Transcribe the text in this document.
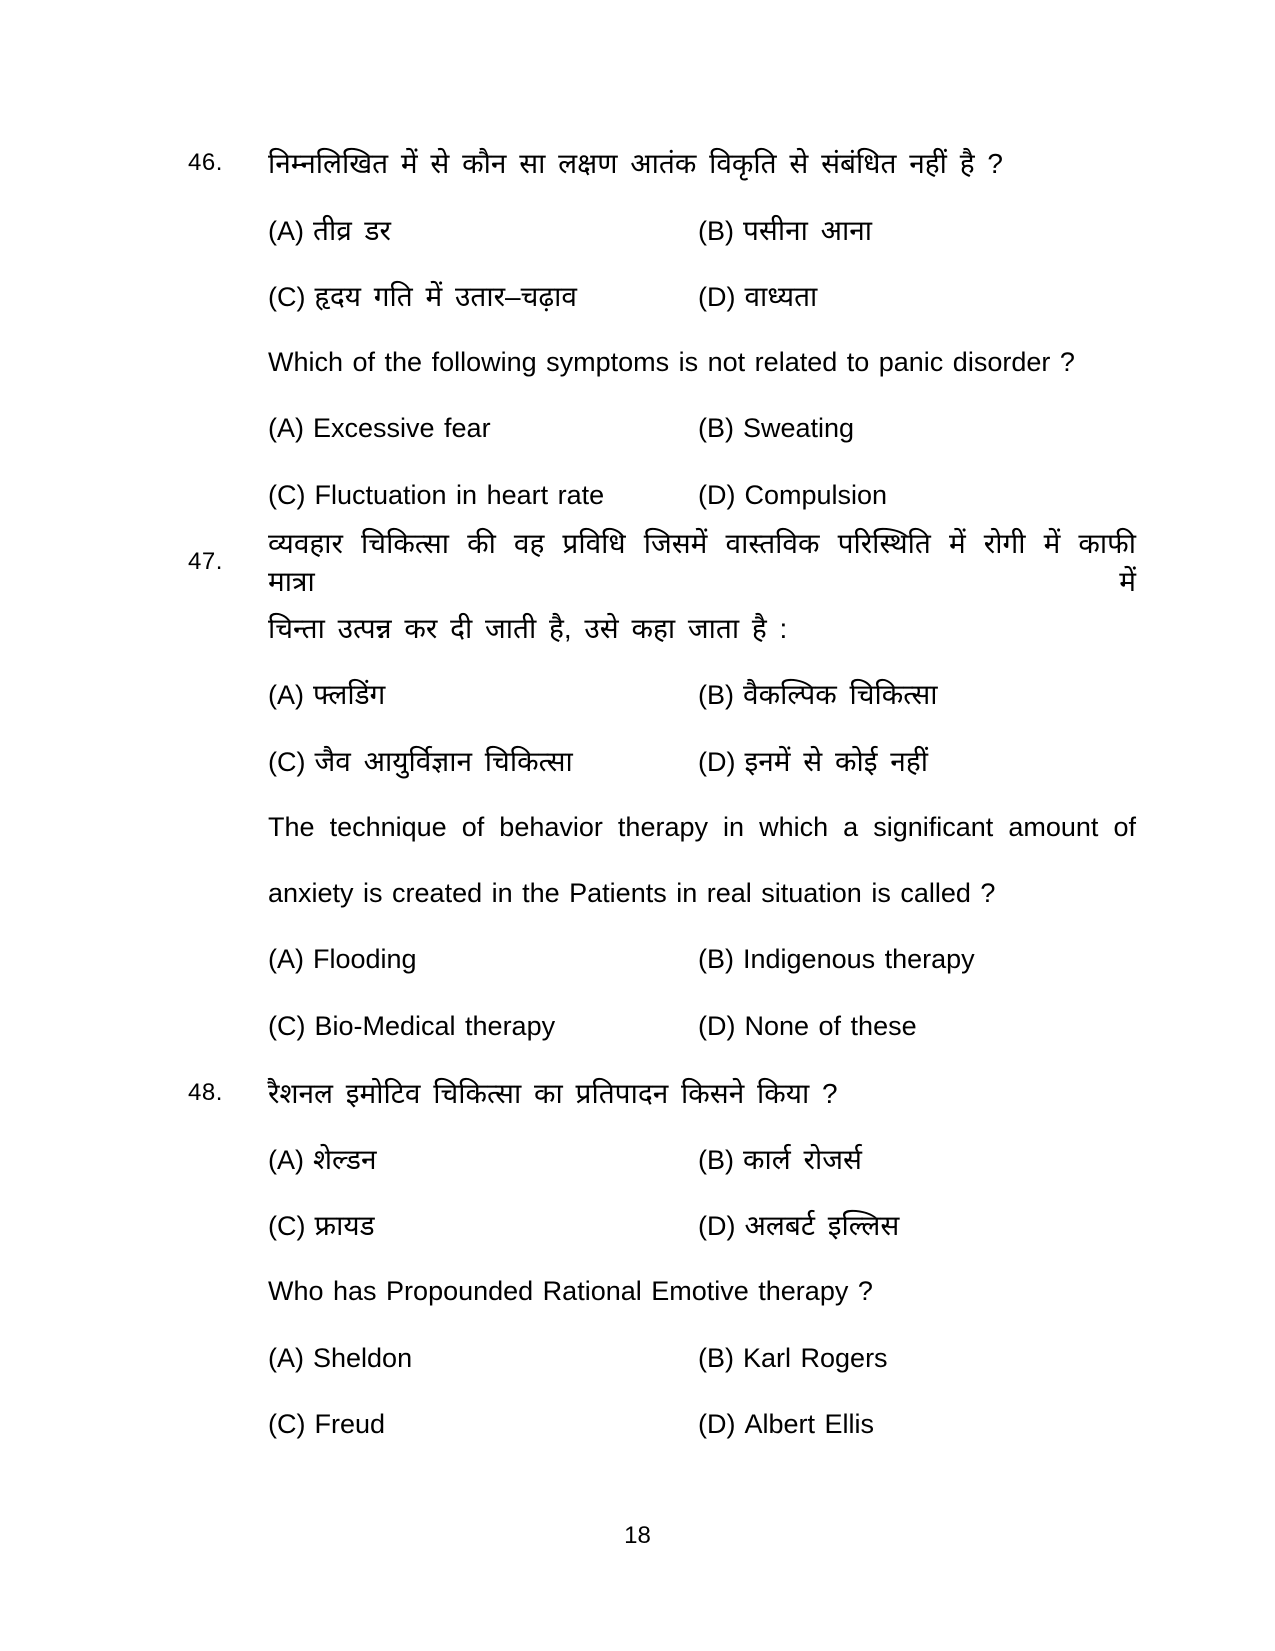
46. निम्नलिखित में से कौन सा लक्षण आतंक विकृति से संबंधित नहीं है ?
(A) तीव्र डर	(B) पसीना आना
(C) हृदय गति में उतार–चढ़ाव	(D) वाध्यता
Which of the following symptoms is not related to panic disorder ?
(A) Excessive fear	(B) Sweating
(C) Fluctuation in heart rate	(D) Compulsion
47.
व्यवहार चिकित्सा की वह प्रविधि जिसमें वास्तविक परिस्थिति में रोगी में काफी मात्रा में
चिन्ता उत्पन्न कर दी जाती है, उसे कहा जाता है :
(A) फ्लडिंग	(B) वैकल्पिक चिकित्सा
(C) जैव आयुर्विज्ञान चिकित्सा	(D) इनमें से कोई नहीं
The technique of behavior therapy in which a significant amount of
anxiety is created in the Patients in real situation is called ?
(A) Flooding	(B) Indigenous therapy
(C) Bio-Medical therapy	(D) None of these
48. रैशनल इमोटिव चिकित्सा का प्रतिपादन किसने किया ?
(A) शेल्डन	(B) कार्ल रोजर्स
(C) फ्रायड	(D) अलबर्ट इल्लिस
Who has Propounded Rational Emotive therapy ?
(A) Sheldon	(B) Karl Rogers
(C) Freud	(D) Albert Ellis
18
